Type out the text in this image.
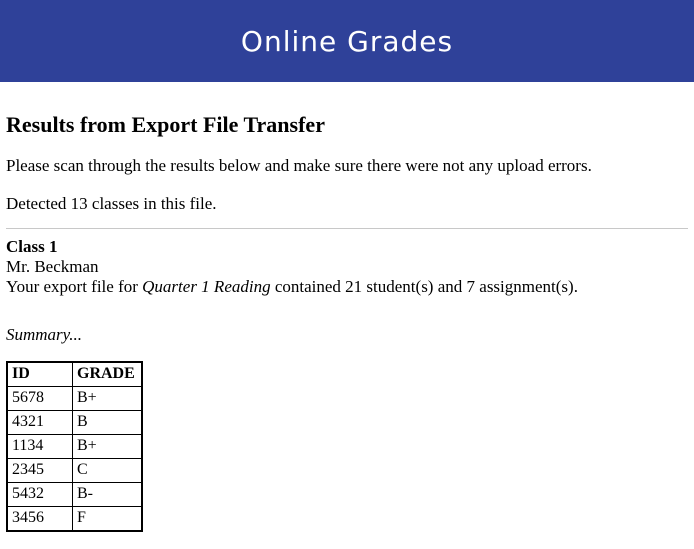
Online Grades
Results from Export File Transfer

Please scan through the results below and make sure there were not any upload errors.

Detected 13 classes in this file.

Class 1
Mr. Beckman
Your export file for Quarter 1 Reading contained 21 student(s) and 7 assignment(s).
Summary...
ID	GRADE
5678	B+
4321	B
1134	B+
2345	C
5432	B-
3456	F
